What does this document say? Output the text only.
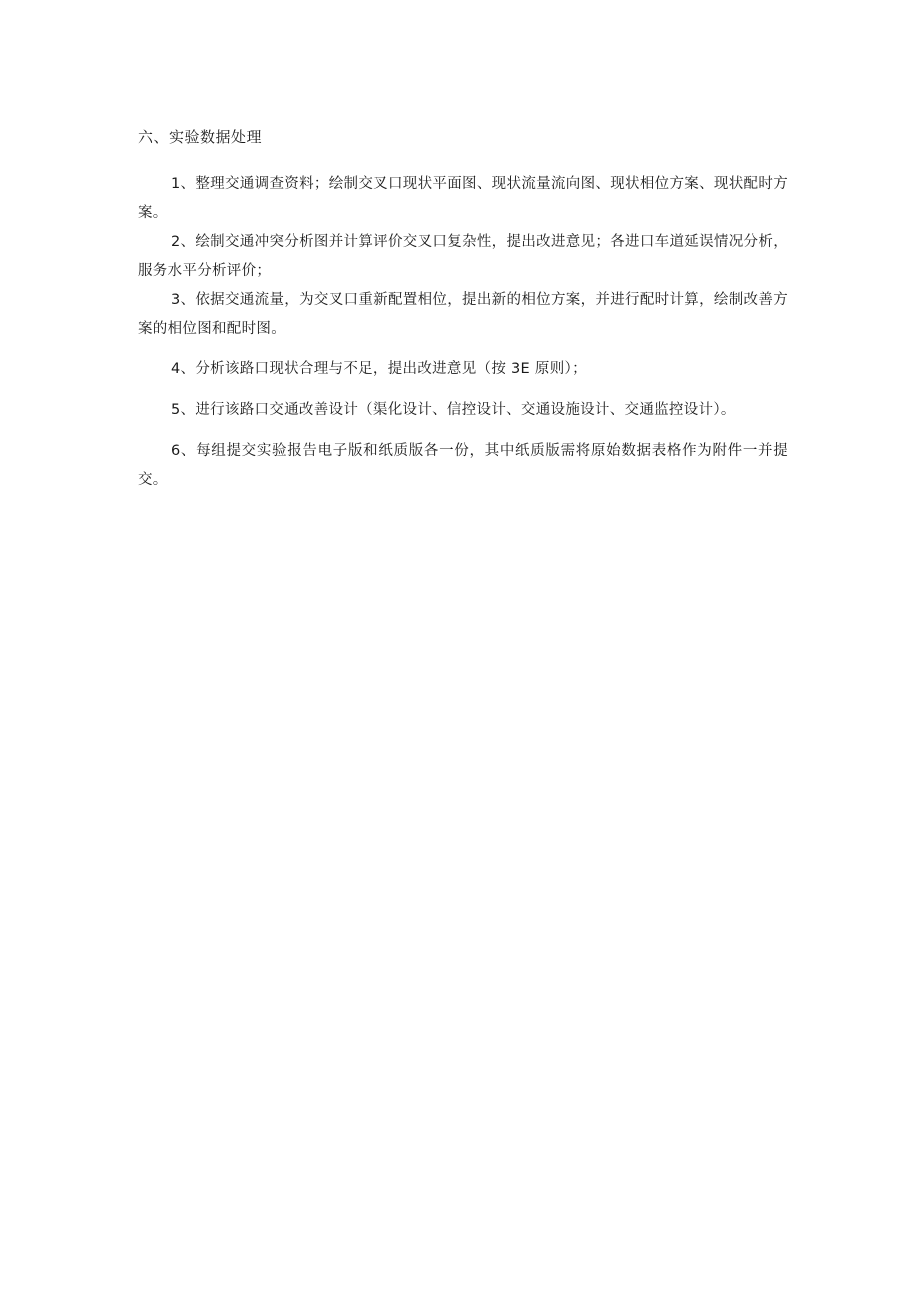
六、实验数据处理

1、整理交通调查资料；绘制交叉口现状平面图、现状流量流向图、现状相位方案、现状配时方案。

2、绘制交通冲突分析图并计算评价交叉口复杂性，提出改进意见；各进口车道延误情况分析，服务水平分析评价；

3、依据交通流量，为交叉口重新配置相位，提出新的相位方案，并进行配时计算，绘制改善方案的相位图和配时图。

4、分析该路口现状合理与不足，提出改进意见（按 3E 原则）；

5、进行该路口交通改善设计（渠化设计、信控设计、交通设施设计、交通监控设计）。

6、每组提交实验报告电子版和纸质版各一份，其中纸质版需将原始数据表格作为附件一并提交。
